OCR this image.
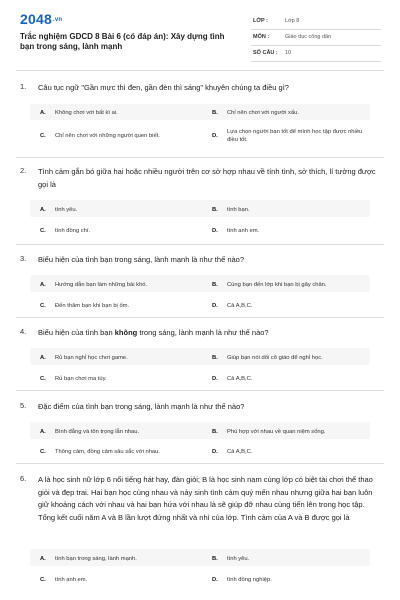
2048.vn
Trắc nghiệm GDCD 8 Bài 6 (có đáp án): Xây dựng tình bạn trong sáng, lành mạnh
LỚP :	Lớp 8
MÔN :	Giáo dục công dân
SỐ CÂU : 10
1. Câu tục ngữ "Gần mực thì đen, gần đèn thì sáng" khuyên chúng ta điều gì?
A. Không chơi với bất kì ai.	B. Chỉ nên chơi với người xấu.
C. Chỉ nên chơi với những người quen biết.	D.
Lựa chọn người bạn tốt để mình học tập được nhiều điều tốt.
2. Tình cảm gắn bó giữa hai hoặc nhiều người trên cơ sở hợp nhau về tính tình, sở thích, lí tưởng được gọi là
A. tình yêu.	B. tình bạn.
C. tình đồng chí.	D. tình anh em.
3. Biểu hiện của tình bạn trong sáng, lành mạnh là như thế nào?
A. Hướng dẫn bạn làm những bài khó.	B. Cùng bạn đến lớp khi bạn bị gãy chân.
C. Đến thăm bạn khi bạn bị ốm.	D. Cả A,B,C.
4. Biểu hiện của tình bạn không trong sáng, lành mạnh là như thế nào?
A. Rủ bạn nghỉ học chơi game.	B. Giúp bạn nói dối cô giáo để nghỉ học.
C. Rủ bạn chơi ma túy.	D. Cả A,B,C.
5. Đặc điểm của tình bạn trong sáng, lành mạnh là như thế nào?
A. Bình đẳng và tôn trọng lẫn nhau.	B. Phù hợp với nhau về quan niệm sống.
C. Thông cảm, đồng cảm sâu sắc với nhau.	D. Cả A,B,C.
6. A là học sinh nữ lớp 6 nổi tiếng hát hay, đàn giỏi; B là học sinh nam cùng lớp có biệt tài chơi thể thao giỏi và đẹp trai. Hai bạn học cùng nhau và nảy sinh tình cảm quý mến nhau nhưng giữa hai bạn luôn giữ khoảng cách với nhau và hai bạn hứa với nhau là sẽ giúp đỡ nhau cùng tiến lên trong học tập. Tổng kết cuối năm A và B lần lượt đứng nhất và nhì của lớp. Tình cảm của A và B được gọi là
A. tình bạn trong sáng, lành mạnh.	B. tình yêu.
C. tình anh em.	D. tình đồng nghiệp.
